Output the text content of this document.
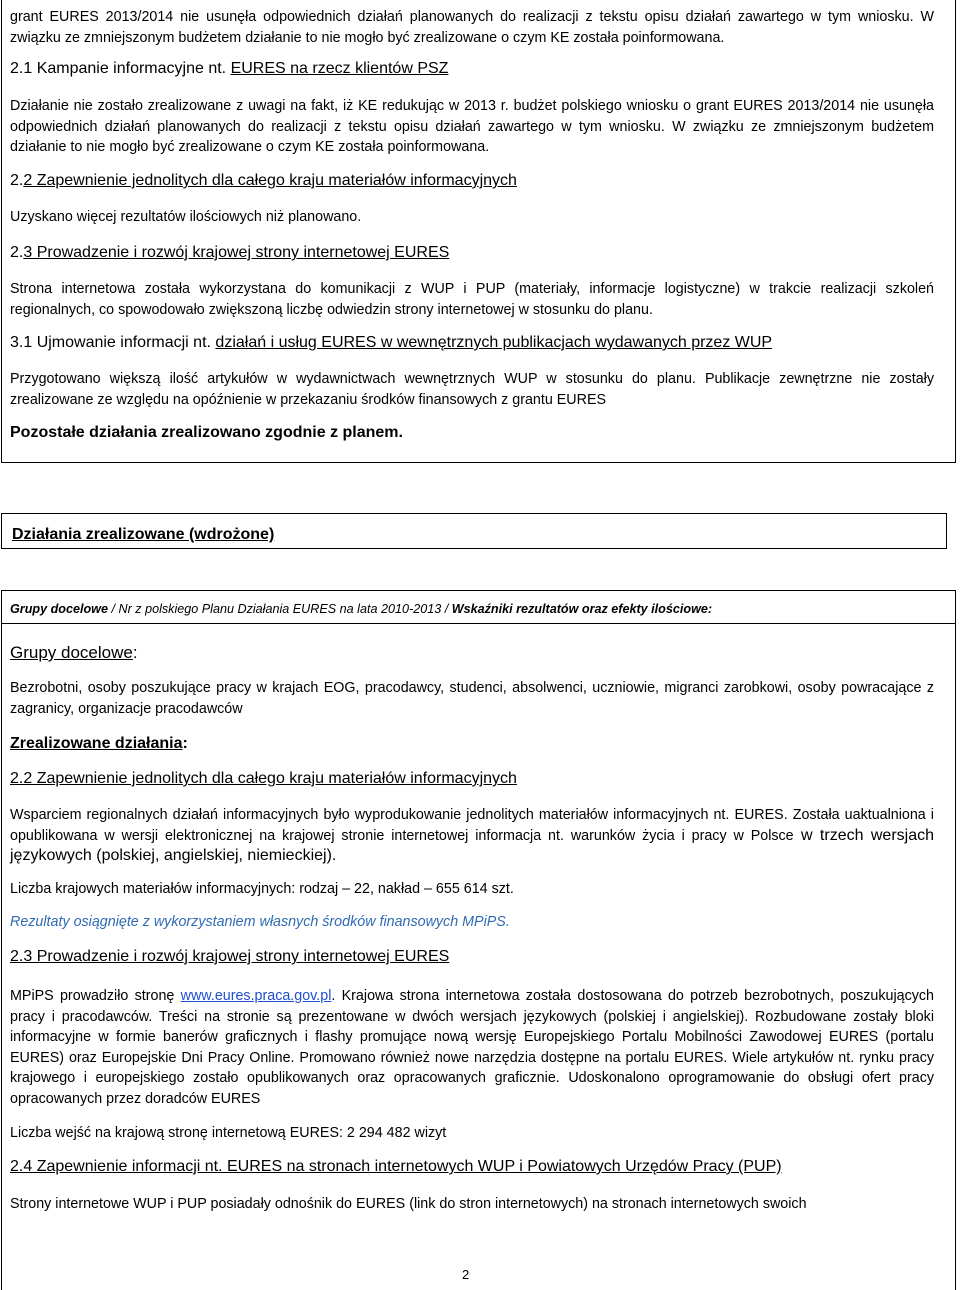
grant EURES 2013/2014 nie usunęła odpowiednich działań planowanych do realizacji z tekstu opisu działań zawartego w tym wniosku. W związku ze zmniejszonym budżetem działanie to nie mogło być zrealizowane o czym KE została poinformowana.

2.1 Kampanie informacyjne nt. EURES na rzecz klientów PSZ

Działanie nie zostało zrealizowane z uwagi na fakt, iż KE redukując w 2013 r. budżet polskiego wniosku o grant EURES 2013/2014 nie usunęła odpowiednich działań planowanych do realizacji z tekstu opisu działań zawartego w tym wniosku. W związku ze zmniejszonym budżetem działanie to nie mogło być zrealizowane o czym KE została poinformowana.

2.2 Zapewnienie jednolitych dla całego kraju materiałów informacyjnych

Uzyskano więcej rezultatów ilościowych niż planowano.

2.3 Prowadzenie i rozwój krajowej strony internetowej EURES

Strona internetowa została wykorzystana do komunikacji z WUP i PUP (materiały, informacje logistyczne) w trakcie realizacji szkoleń regionalnych, co spowodowało zwiększoną liczbę odwiedzin strony internetowej w stosunku do planu.

3.1 Ujmowanie informacji nt. działań i usług EURES w wewnętrznych publikacjach wydawanych przez WUP

Przygotowano większą ilość artykułów w wydawnictwach wewnętrznych WUP w stosunku do planu. Publikacje zewnętrzne nie zostały zrealizowane ze względu na opóźnienie w przekazaniu środków finansowych z grantu EURES

Pozostałe działania zrealizowano zgodnie z planem.

Działania zrealizowane (wdrożone)

Grupy docelowe / Nr z polskiego Planu Działania EURES na lata 2010-2013 / Wskaźniki rezultatów oraz efekty ilościowe:

Grupy docelowe:

Bezrobotni, osoby poszukujące pracy w krajach EOG, pracodawcy, studenci, absolwenci, uczniowie, migranci zarobkowi, osoby powracające z zagranicy, organizacje pracodawców

Zrealizowane działania:

2.2 Zapewnienie jednolitych dla całego kraju materiałów informacyjnych

Wsparciem regionalnych działań informacyjnych było wyprodukowanie jednolitych materiałów informacyjnych nt. EURES. Została uaktualniona i opublikowana w wersji elektronicznej na krajowej stronie internetowej informacja nt. warunków życia i pracy w Polsce w trzech wersjach językowych (polskiej, angielskiej, niemieckiej).

Liczba krajowych materiałów informacyjnych: rodzaj – 22, nakład – 655 614 szt.

Rezultaty osiągnięte z wykorzystaniem własnych środków finansowych MPiPS.

2.3 Prowadzenie i rozwój krajowej strony internetowej EURES

MPiPS prowadziło stronę www.eures.praca.gov.pl. Krajowa strona internetowa została dostosowana do potrzeb bezrobotnych, poszukujących pracy i pracodawców. Treści na stronie są prezentowane w dwóch wersjach językowych (polskiej i angielskiej). Rozbudowane zostały bloki informacyjne w formie banerów graficznych i flashy promujące nową wersję Europejskiego Portalu Mobilności Zawodowej EURES (portalu EURES) oraz Europejskie Dni Pracy Online. Promowano również nowe narzędzia dostępne na portalu EURES. Wiele artykułów nt. rynku pracy krajowego i europejskiego zostało opublikowanych oraz opracowanych graficznie. Udoskonalono oprogramowanie do obsługi ofert pracy opracowanych przez doradców EURES

Liczba wejść na krajową stronę internetową EURES: 2 294 482 wizyt

2.4 Zapewnienie informacji nt. EURES na stronach internetowych WUP i Powiatowych Urzędów Pracy (PUP)

Strony internetowe WUP i PUP posiadały odnośnik do EURES (link do stron internetowych) na stronach internetowych swoich

2
